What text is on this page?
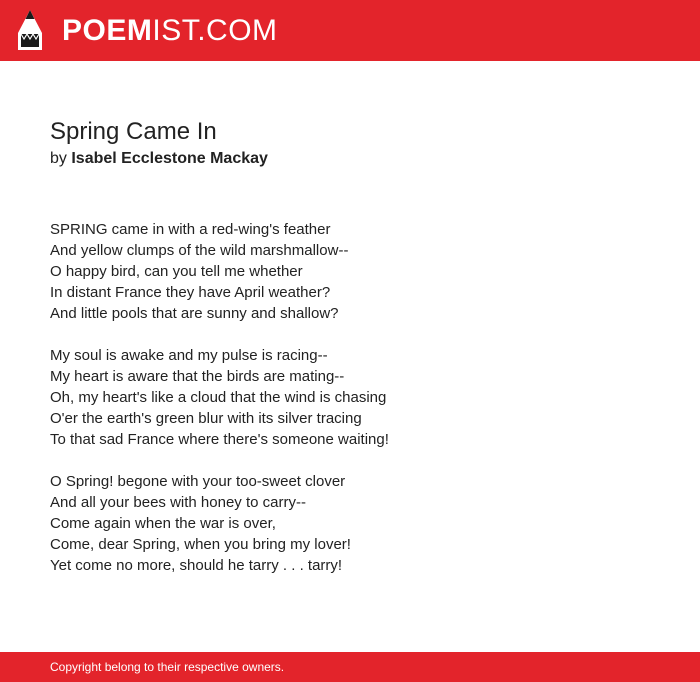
POEMIST.COM
Spring Came In
by Isabel Ecclestone Mackay
SPRING came in with a red-wing's feather
And yellow clumps of the wild marshmallow--
O happy bird, can you tell me whether
In distant France they have April weather?
And little pools that are sunny and shallow?
My soul is awake and my pulse is racing--
My heart is aware that the birds are mating--
Oh, my heart's like a cloud that the wind is chasing
O'er the earth's green blur with its silver tracing
To that sad France where there's someone waiting!
O Spring! begone with your too-sweet clover
And all your bees with honey to carry--
Come again when the war is over,
Come, dear Spring, when you bring my lover!
Yet come no more, should he tarry . . . tarry!
Copyright belong to their respective owners.
